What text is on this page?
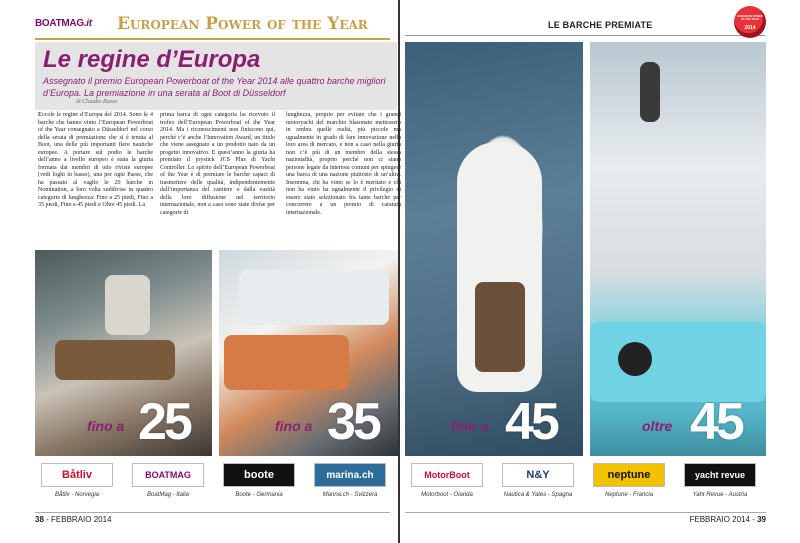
BOATMAG.it European Power of the Year	LE BARCHE PREMIATE
EUROPEAN POWER OF THE YEAR
2014
Le regine d’Europa
Assegnato il premio European Powerboat of the Year 2014 alle quattro barche migliori d’Europa. La premiazione in una serata al Boot di Düsseldorf
di Claudio Russo
Eccole le regine d’Europa del 2014. Sono le 4 barche che hanno vinto l’European Powerboat of the Year consegnato a Düsseldorf nel corso della serata di premiazione che si è tenuta al Boot, una delle più importanti fiere nautiche europee. A portare sul podio le barche dell’anno a livello europeo è stata la giuria formata dai membri di otto riviste europee (vedi loghi in basso), una per ogni Paese, che ha passato al vaglio le 20 barche in Nomination, a loro volta suddivise in quattro categorie di lunghezza: Fino a 25 piedi, Fino a 35 piedi, Fino a 45 piedi e Oltre 45 piedi. La
prima barca di ogni categoria ha ricevuto il trofeo dell’European Powerboat of the Year 2014. Ma i riconoscimenti non finiscono qui, perché c’è anche l’Innovation Award, un titolo che viene assegnato a un prodotto nato da un progetto innovativo. E quest’anno la giuria ha premiato il joystick JCS Plus di Yacht Controller. Lo spirito dell’European Powerboat of the Year è di premiare le barche capaci di trasmettere delle qualità, indipendentemente dall’importanza del cantiere o dalla vastità della loro diffusione nel territorio internazionale, non a caso sono state divise per categorie di
lunghezza, proprio per evitare che i grandi motoryacht del marchio blasonato mettessero in ombra quelle realtà, più piccole ma ugualmente in grado di fare innovazione nella loro area di mercato, e non a caso nella giuria non c’è più di un membro della stessa nazionalità, proprio perché non ci siano persone legate da interessi comuni per spingere una barca di una nazione piuttosto di un’altra. Insomma, chi ha vinto se lo è meritato e chi non ha vinto ha ugualmente il privilegio di essere stato selezionato fra tante barche per concorrere a un premio di caratura internazionale.
fino a 25	fino a 35	fino a 45	oltre 45
Båtliv
Båtliv - Norvegia
BOATMAG
BoatMag - Italia
boote
Boote - Germania
marina.ch
Marina.ch - Svizzera
MotorBoot
Motorboot - Olanda
N&Y
Nautica & Yates - Spagna
neptune
Neptune - Francia
yacht revue
Yaht Revue - Austria
38 - FEBBRAIO 2014	FEBBRAIO 2014 - 39
